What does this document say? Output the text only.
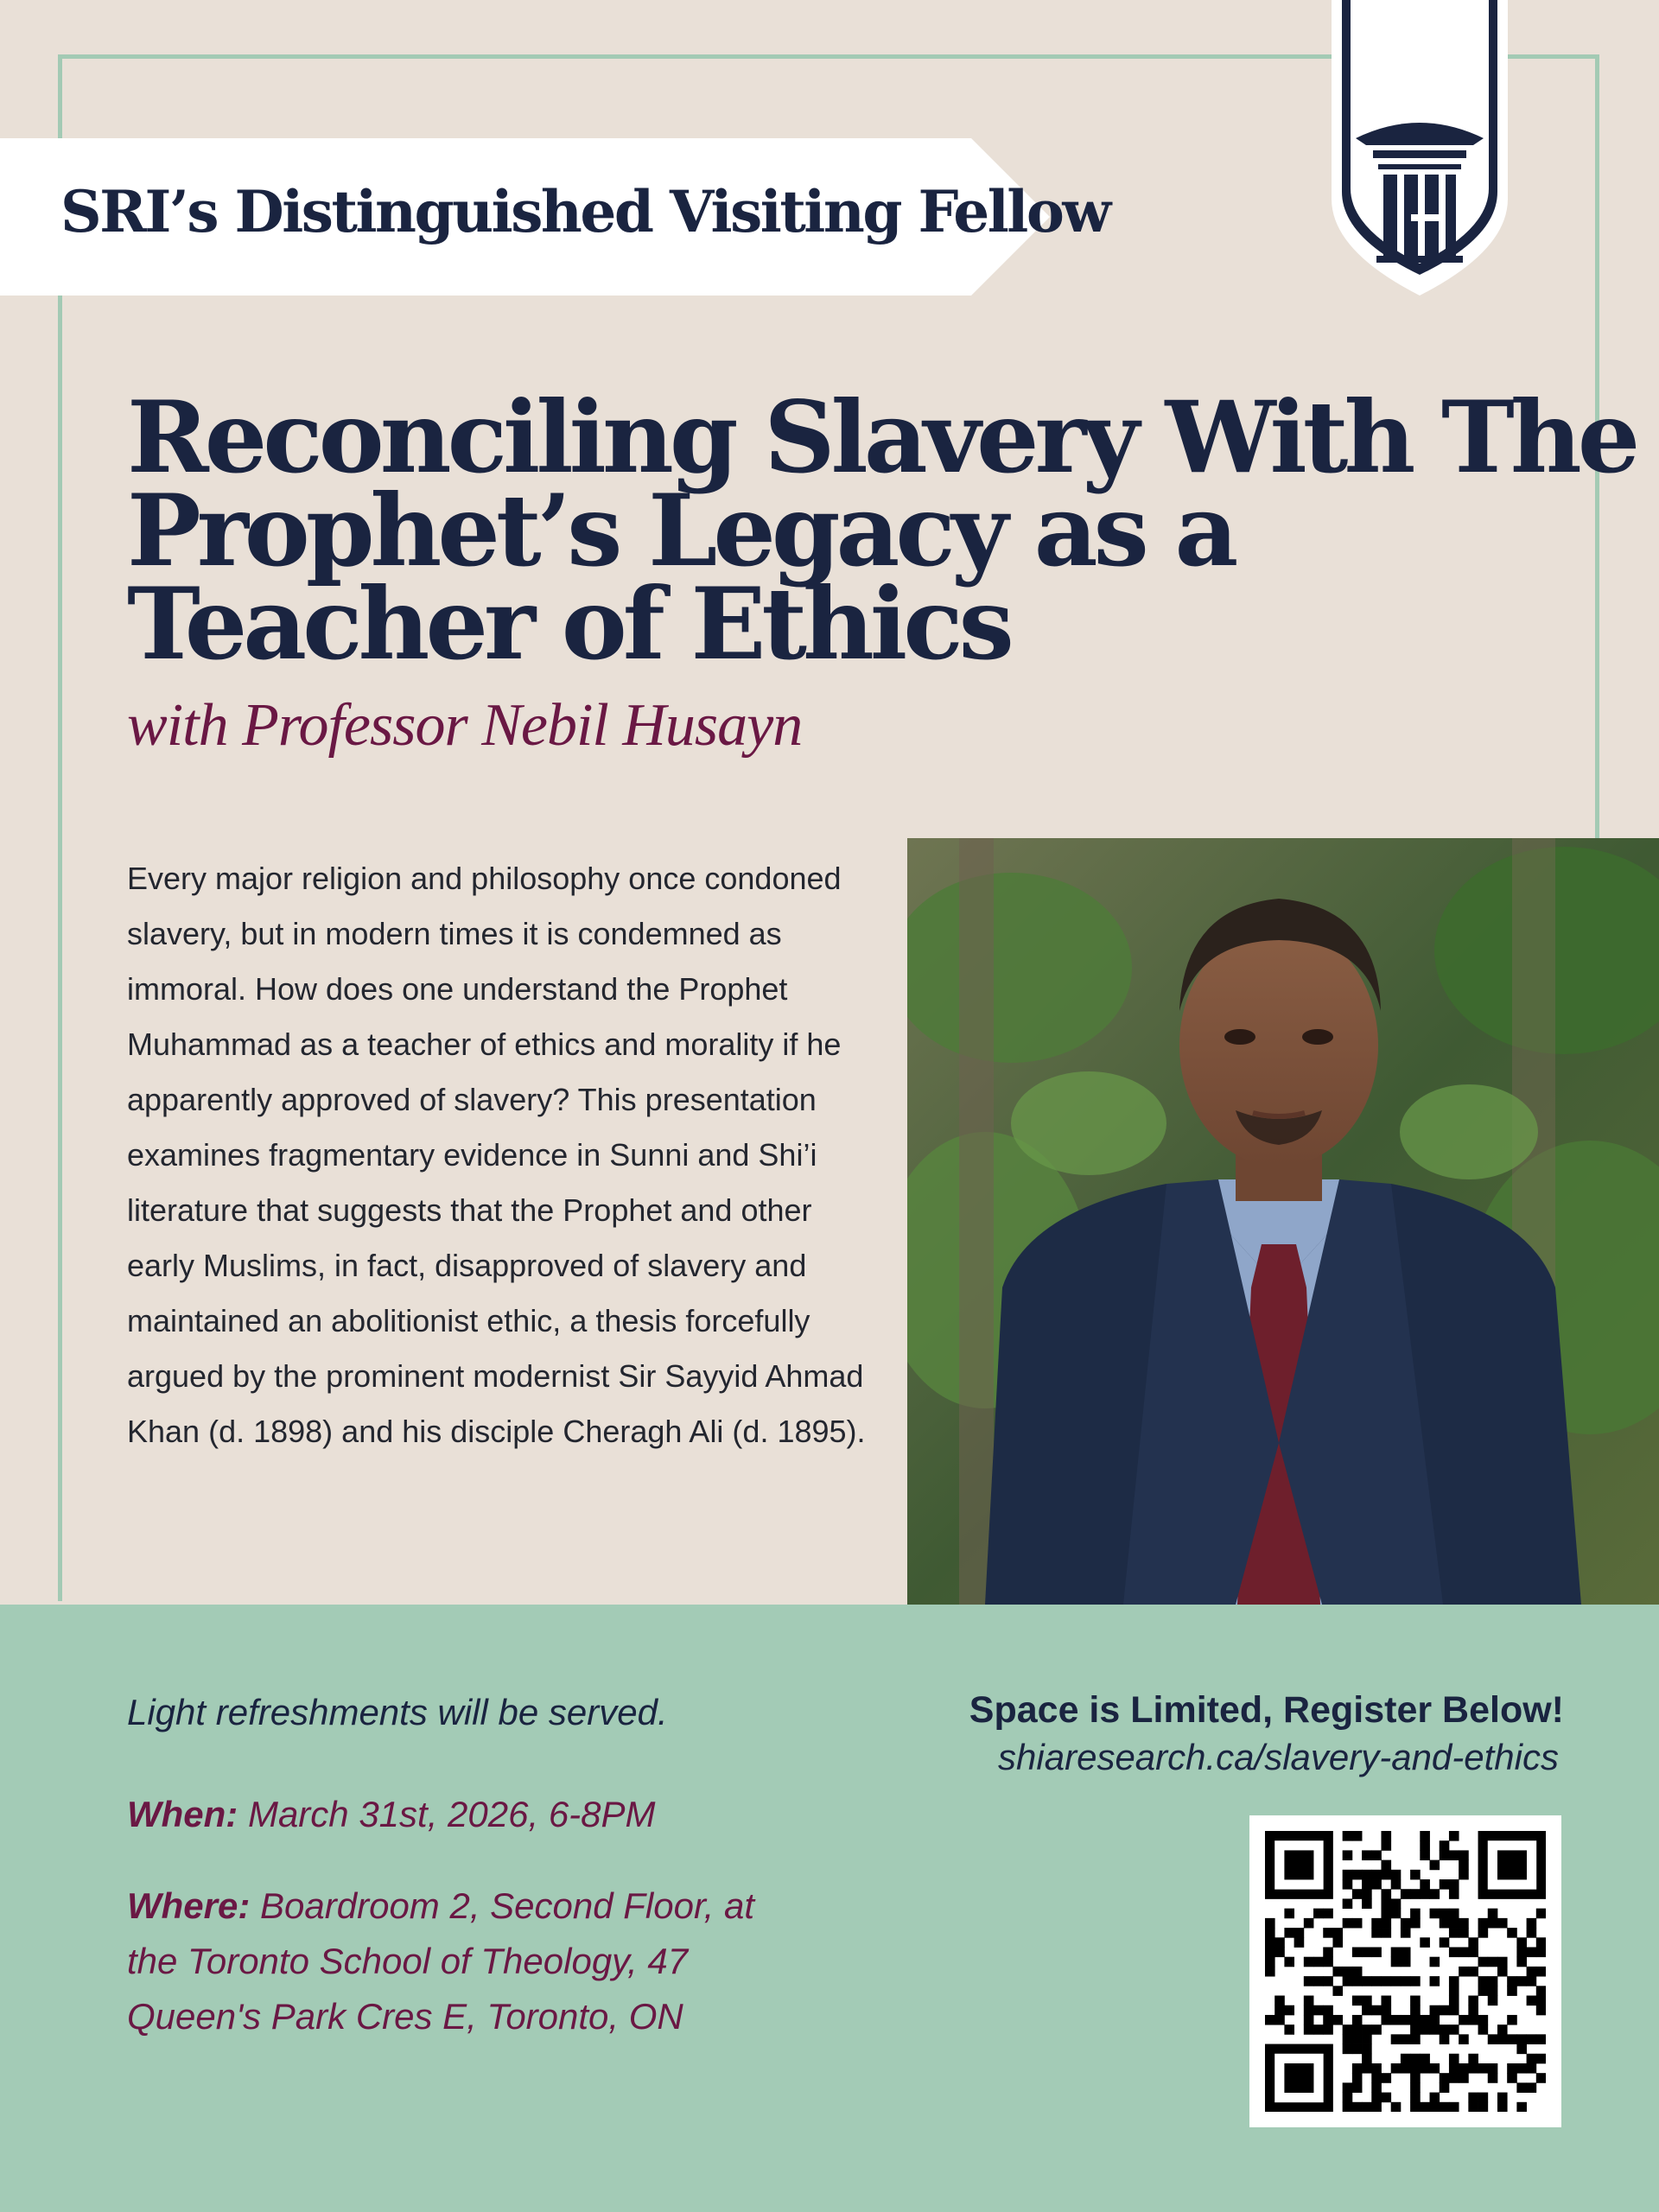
SRI’s Distinguished Visiting Fellow
Reconciling Slavery With The
Prophet’s Legacy as a
Teacher of Ethics
with Professor Nebil Husayn

Every major religion and philosophy once condoned slavery, but in modern times it is condemned as immoral. How does one understand the Prophet Muhammad as a teacher of ethics and morality if he apparently approved of slavery? This presentation examines fragmentary evidence in Sunni and Shi’i literature that suggests that the Prophet and other early Muslims, in fact, disapproved of slavery and maintained an abolitionist ethic, a thesis forcefully argued by the prominent modernist Sir Sayyid Ahmad Khan (d. 1898) and his disciple Cheragh Ali (d. 1895).

Light refreshments will be served.
When: March 31st, 2026, 6-8PM
Where: Boardroom 2, Second Floor, at the Toronto School of Theology, 47 Queen's Park Cres E, Toronto, ON
Space is Limited, Register Below!
shiaresearch.ca/slavery-and-ethics
